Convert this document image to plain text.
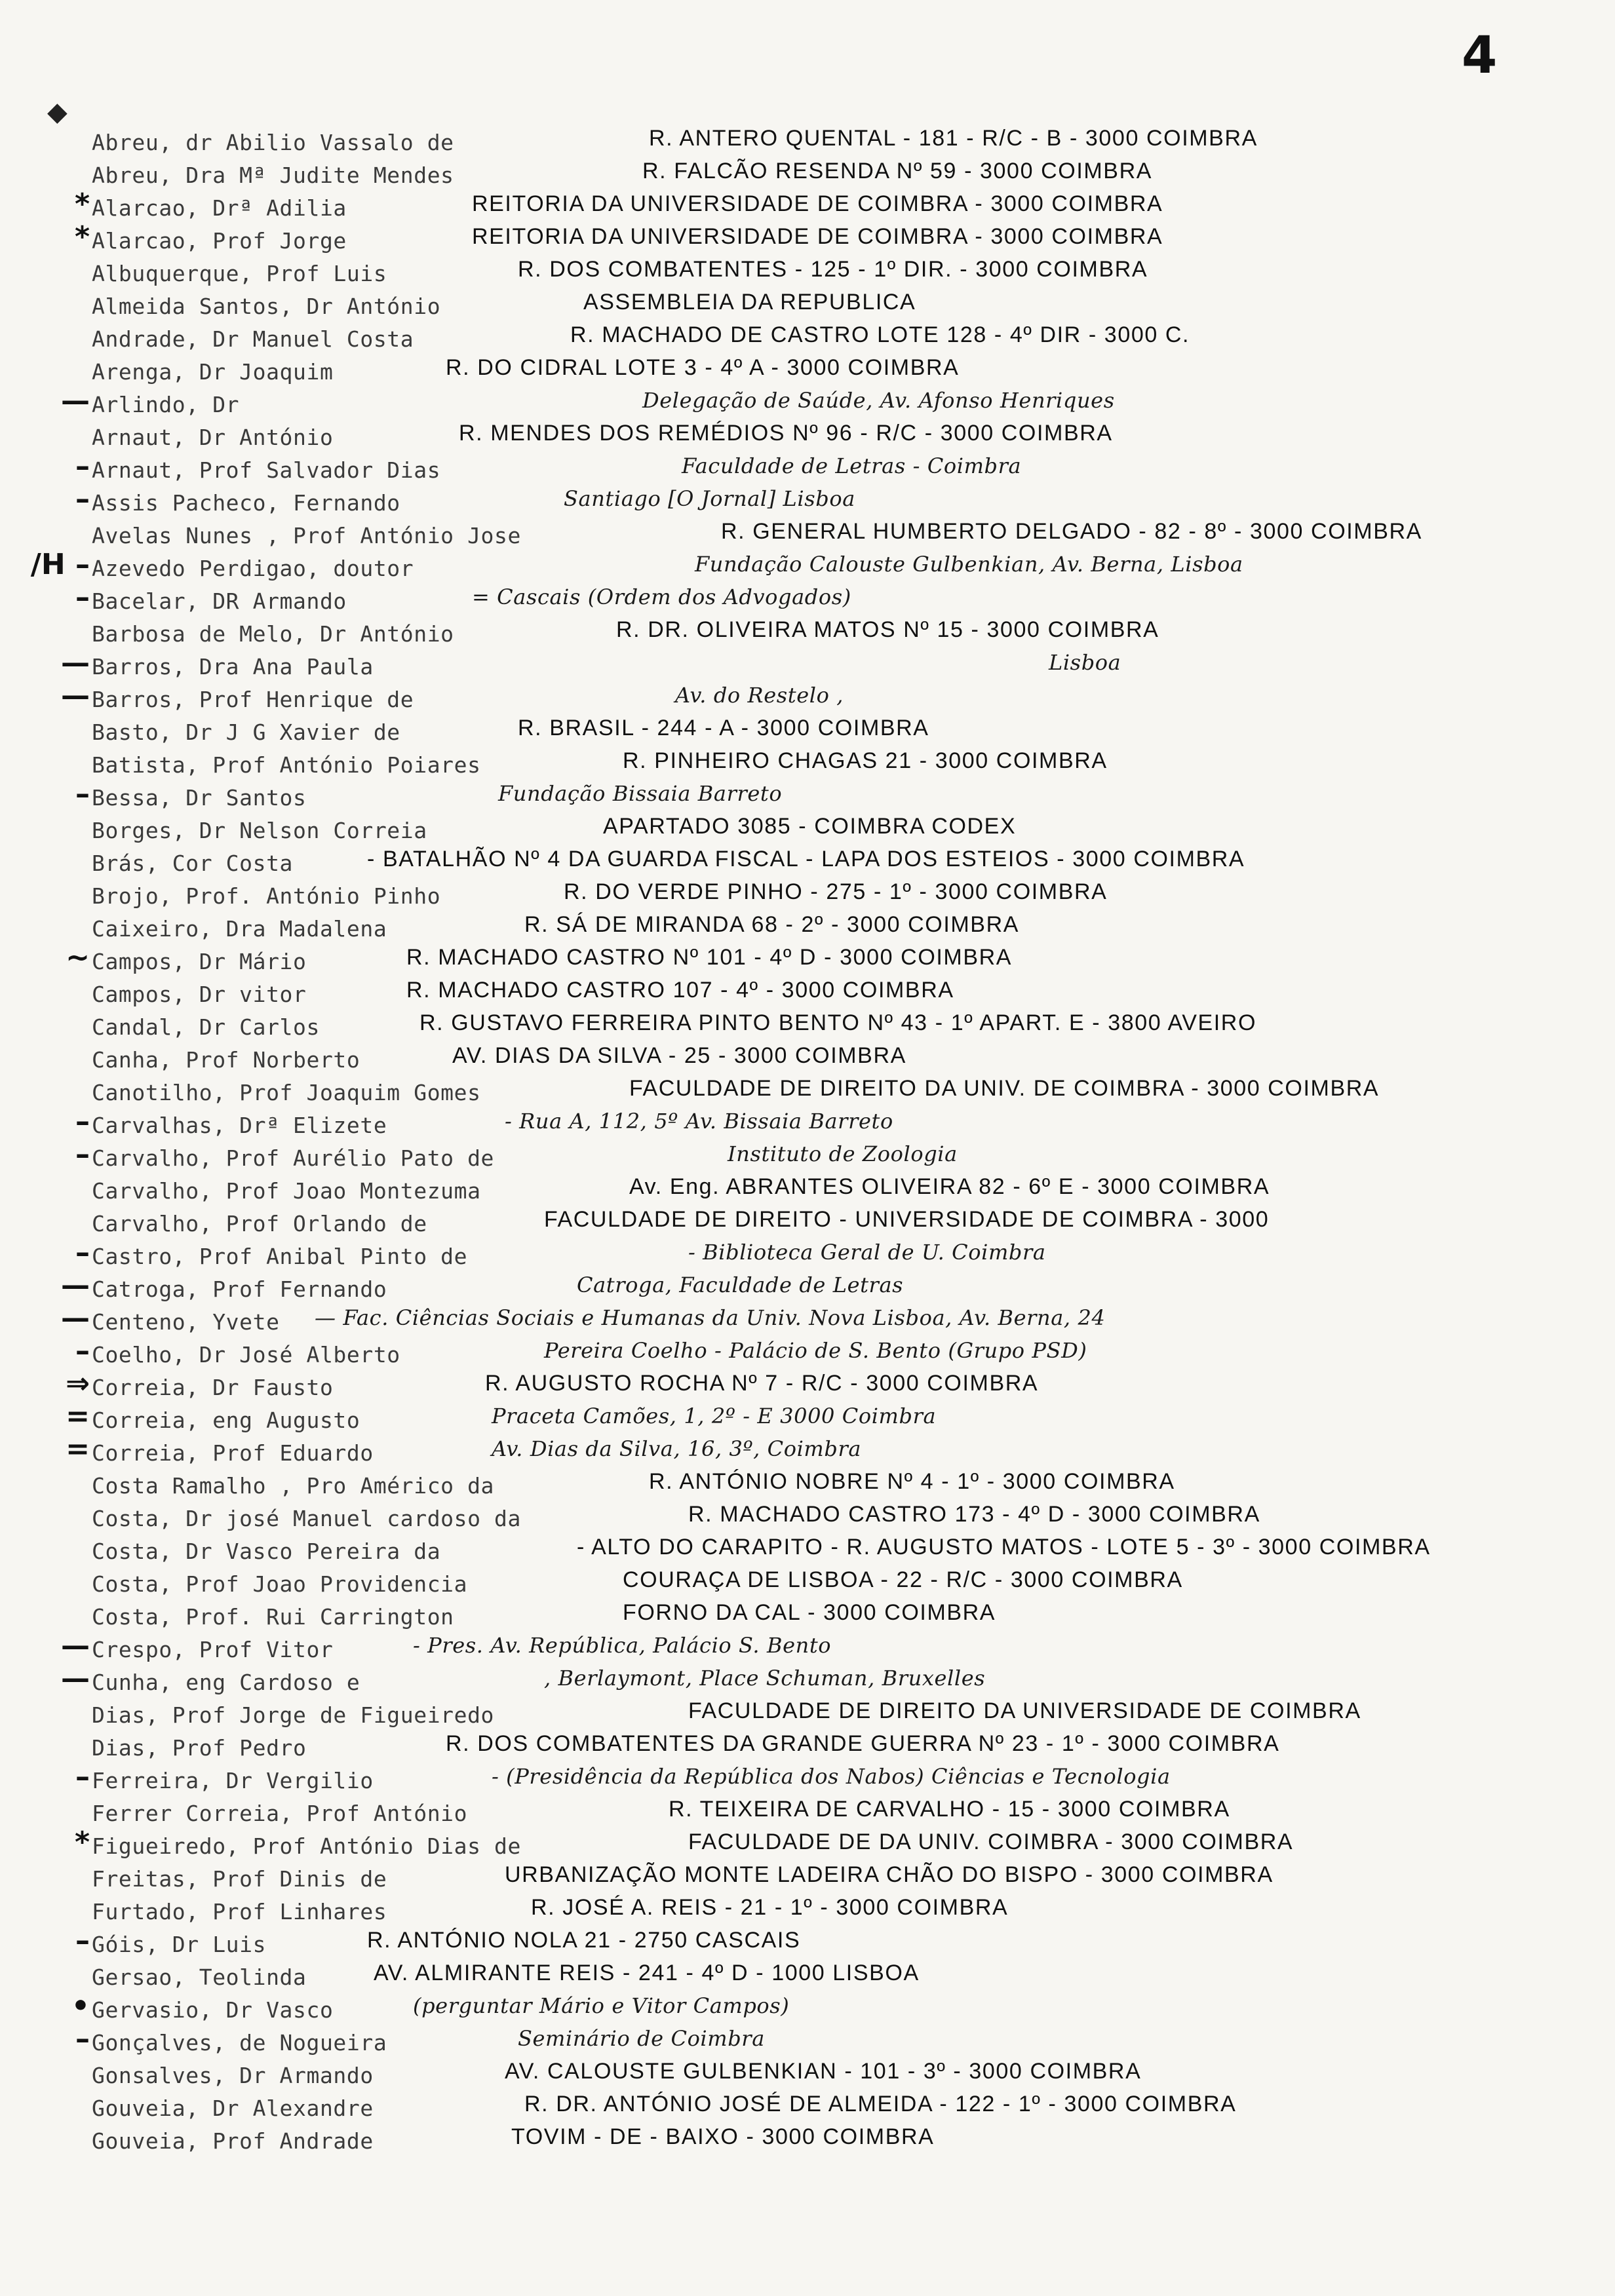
4
◆
Abreu, dr Abilio Vassalo de	R. ANTERO QUENTAL - 181 - R/C - B - 3000 COIMBRA
Abreu, Dra Mª Judite Mendes	R. FALCÃO RESENDA Nº 59 - 3000 COIMBRA
* Alarcao, Drª Adilia	REITORIA DA UNIVERSIDADE DE COIMBRA - 3000 COIMBRA
* Alarcao, Prof Jorge	REITORIA DA UNIVERSIDADE DE COIMBRA - 3000 COIMBRA
Albuquerque, Prof Luis	R. DOS COMBATENTES - 125 - 1º DIR. - 3000 COIMBRA
Almeida Santos, Dr António	ASSEMBLEIA DA REPUBLICA
Andrade, Dr Manuel Costa	R. MACHADO DE CASTRO LOTE 128 - 4º DIR - 3000 C.
Arenga, Dr Joaquim	R. DO CIDRAL LOTE 3 - 4º A - 3000 COIMBRA
— Arlindo, Dr	Delegação de Saúde, Av. Afonso Henriques
Arnaut, Dr António	R. MENDES DOS REMÉDIOS Nº 96 - R/C - 3000 COIMBRA
– Arnaut, Prof Salvador Dias	Faculdade de Letras - Coimbra
– Assis Pacheco, Fernando	Santiago [O Jornal] Lisboa
Avelas Nunes , Prof António Jose	R. GENERAL HUMBERTO DELGADO - 82 - 8º - 3000 COIMBRA
/H – Azevedo Perdigao, doutor	Fundação Calouste Gulbenkian, Av. Berna, Lisboa
– Bacelar, DR Armando	= Cascais (Ordem dos Advogados)
Barbosa de Melo, Dr António	R. DR. OLIVEIRA MATOS Nº 15 - 3000 COIMBRA
— Barros, Dra Ana Paula	Lisboa
— Barros, Prof Henrique de	Av. do Restelo ,
Basto, Dr J G Xavier de	R. BRASIL - 244 - A - 3000 COIMBRA
Batista, Prof António Poiares	R. PINHEIRO CHAGAS 21 - 3000 COIMBRA
– Bessa, Dr Santos	Fundação Bissaia Barreto
Borges, Dr Nelson Correia	APARTADO 3085 - COIMBRA CODEX
Brás, Cor Costa	- BATALHÃO Nº 4 DA GUARDA FISCAL - LAPA DOS ESTEIOS - 3000 COIMBRA
Brojo, Prof. António Pinho	R. DO VERDE PINHO - 275 - 1º - 3000 COIMBRA
Caixeiro, Dra Madalena	R. SÁ DE MIRANDA 68 - 2º - 3000 COIMBRA
~ Campos, Dr Mário	R. MACHADO CASTRO Nº 101 - 4º D - 3000 COIMBRA
Campos, Dr vitor	R. MACHADO CASTRO 107 - 4º - 3000 COIMBRA
Candal, Dr Carlos	R. GUSTAVO FERREIRA PINTO BENTO Nº 43 - 1º APART. E - 3800 AVEIRO
Canha, Prof Norberto	AV. DIAS DA SILVA - 25 - 3000 COIMBRA
Canotilho, Prof Joaquim Gomes	FACULDADE DE DIREITO DA UNIV. DE COIMBRA - 3000 COIMBRA
– Carvalhas, Drª Elizete	- Rua A, 112, 5º Av. Bissaia Barreto
– Carvalho, Prof Aurélio Pato de	Instituto de Zoologia
Carvalho, Prof Joao Montezuma	Av. Eng. ABRANTES OLIVEIRA 82 - 6º E - 3000 COIMBRA
Carvalho, Prof Orlando de	FACULDADE DE DIREITO - UNIVERSIDADE DE COIMBRA - 3000
– Castro, Prof Anibal Pinto de	- Biblioteca Geral de U. Coimbra
— Catroga, Prof Fernando	Catroga, Faculdade de Letras
— Centeno, Yvete — Fac. Ciências Sociais e Humanas da Univ. Nova Lisboa, Av. Berna, 24
– Coelho, Dr José Alberto	Pereira Coelho - Palácio de S. Bento (Grupo PSD)
⇒ Correia, Dr Fausto	R. AUGUSTO ROCHA Nº 7 - R/C - 3000 COIMBRA
= Correia, eng Augusto	Praceta Camões, 1, 2º - E 3000 Coimbra
= Correia, Prof Eduardo	Av. Dias da Silva, 16, 3º, Coimbra
Costa Ramalho , Pro Américo da	R. ANTÓNIO NOBRE Nº 4 - 1º - 3000 COIMBRA
Costa, Dr josé Manuel cardoso da	R. MACHADO CASTRO 173 - 4º D - 3000 COIMBRA
Costa, Dr Vasco Pereira da	- ALTO DO CARAPITO - R. AUGUSTO MATOS - LOTE 5 - 3º - 3000 COIMBRA
Costa, Prof Joao Providencia	COURAÇA DE LISBOA - 22 - R/C - 3000 COIMBRA
Costa, Prof. Rui Carrington	FORNO DA CAL - 3000 COIMBRA
— Crespo, Prof Vitor	- Pres. Av. República, Palácio S. Bento
— Cunha, eng Cardoso e	, Berlaymont, Place Schuman, Bruxelles
Dias, Prof Jorge de Figueiredo	FACULDADE DE DIREITO DA UNIVERSIDADE DE COIMBRA
Dias, Prof Pedro	R. DOS COMBATENTES DA GRANDE GUERRA Nº 23 - 1º - 3000 COIMBRA
– Ferreira, Dr Vergilio	- (Presidência da República dos Nabos) Ciências e Tecnologia
Ferrer Correia, Prof António	R. TEIXEIRA DE CARVALHO - 15 - 3000 COIMBRA
* Figueiredo, Prof António Dias de	FACULDADE DE DA UNIV. COIMBRA - 3000 COIMBRA
Freitas, Prof Dinis de	URBANIZAÇÃO MONTE LADEIRA CHÃO DO BISPO - 3000 COIMBRA
Furtado, Prof Linhares	R. JOSÉ A. REIS - 21 - 1º - 3000 COIMBRA
– Góis, Dr Luis	R. ANTÓNIO NOLA 21 - 2750 CASCAIS
Gersao, Teolinda	AV. ALMIRANTE REIS - 241 - 4º D - 1000 LISBOA
• Gervasio, Dr Vasco	(perguntar Mário e Vitor Campos)
– Gonçalves, de Nogueira	Seminário de Coimbra
Gonsalves, Dr Armando	AV. CALOUSTE GULBENKIAN - 101 - 3º - 3000 COIMBRA
Gouveia, Dr Alexandre	R. DR. ANTÓNIO JOSÉ DE ALMEIDA - 122 - 1º - 3000 COIMBRA
Gouveia, Prof Andrade	TOVIM - DE - BAIXO - 3000 COIMBRA
